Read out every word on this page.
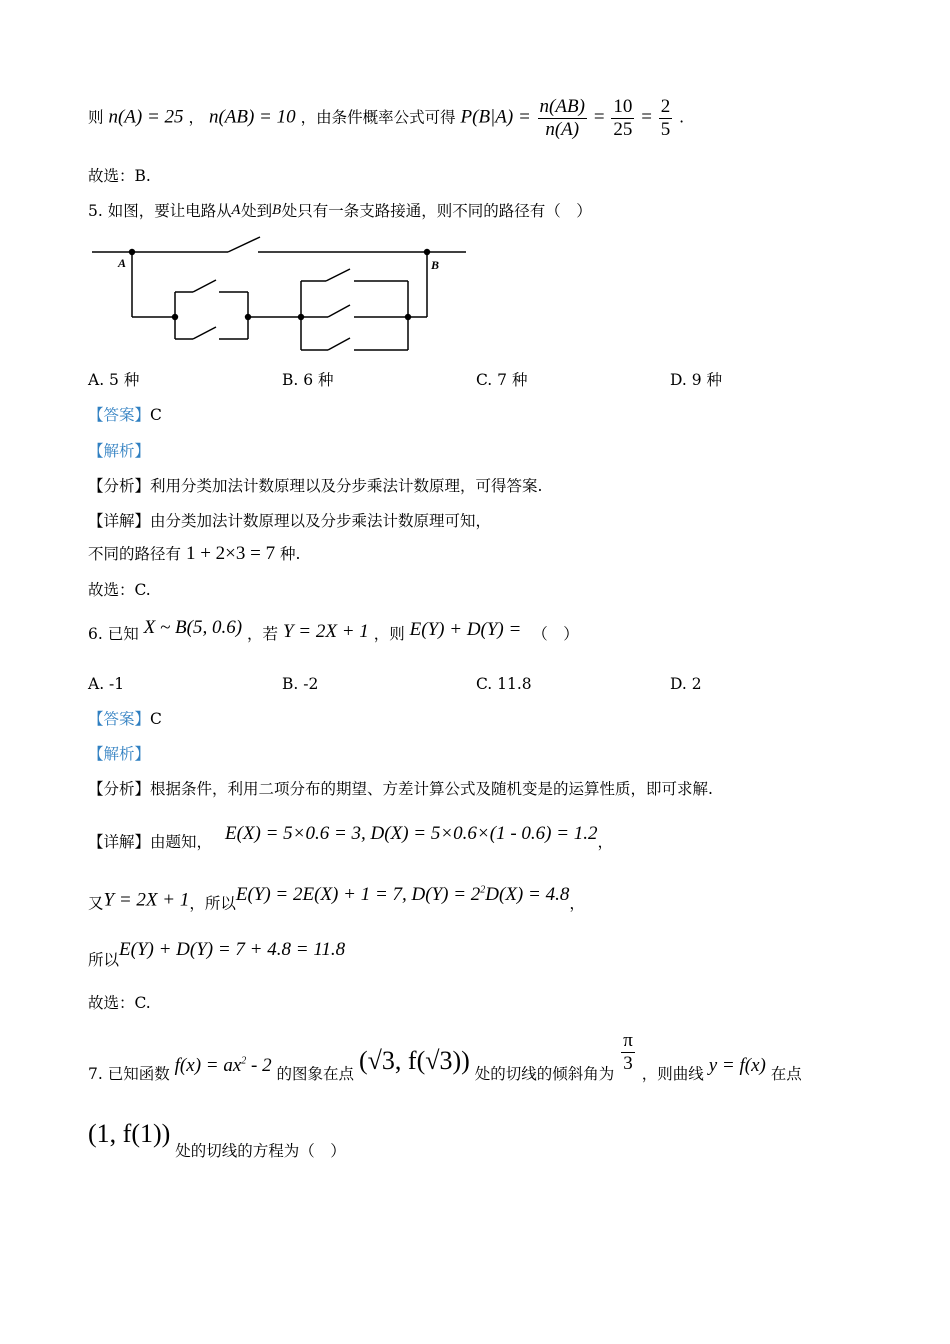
则 n(A) = 25 ， n(AB) = 10 ，由条件概率公式可得 $P(B|A) = \frac{n(AB)}{n(A)} = \frac{10}{25} = \frac{2}{5}$ .
故选：B.
5. 如图，要让电路从A处到B处只有一条支路接通，则不同的路径有（　）
A	B
A. 5 种	B. 6 种	C. 7 种	D. 9 种
【答案】C
【解析】
【分析】利用分类加法计数原理以及分步乘法计数原理，可得答案.
【详解】由分类加法计数原理以及分步乘法计数原理可知，
不同的路径有 1 + 2×3 = 7 种.
故选：C.
6. 已知 X ~ B(5, 0.6) ，若 Y = 2X + 1 ，则 E(Y) + D(Y) = （　）
A. -1	B. -2	C. 11.8	D. 2
【答案】C
【解析】
【分析】根据条件，利用二项分布的期望、方差计算公式及随机变是的运算性质，即可求解.
【详解】由题知， E(X) = 5×0.6 = 3, D(X) = 5×0.6×(1 - 0.6) = 1.2，
又Y = 2X + 1，所以E(Y) = 2E(X) + 1 = 7, $D(Y) = 2^2D(X) = 4.8$，
所以E(Y) + D(Y) = 7 + 4.8 = 11.8
故选：C.
7. 已知函数 $f(x) = ax^2 - 2$ 的图象在点 (√3, f(√3)) 处的切线的倾斜角为 $\frac{\pi}{3}$ ，则曲线 y = f(x) 在点
(1, f(1)) 处的切线的方程为（　）
